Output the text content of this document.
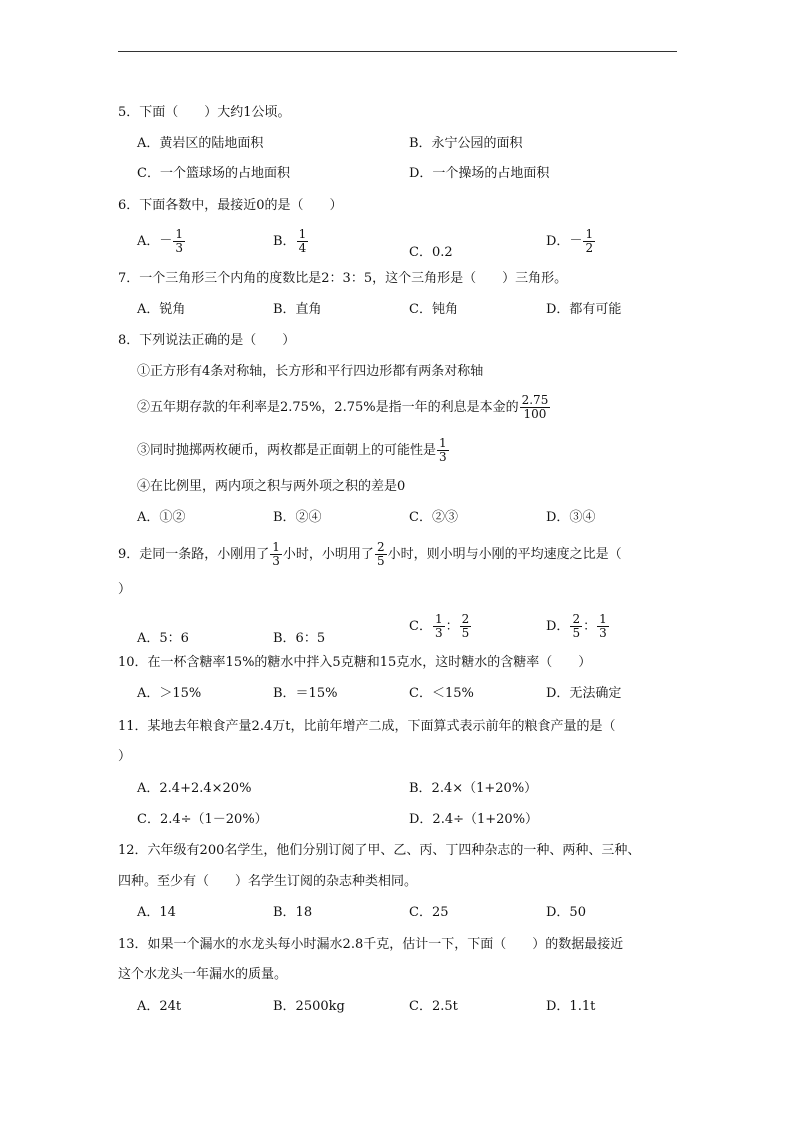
5．下面（　　）大约1公顷。
A．黄岩区的陆地面积	B．永宁公园的面积
C．一个篮球场的占地面积	D．一个操场的占地面积
6．下面各数中，最接近0的是（　　）
A．－ $\frac{1}{3}$	B． $\frac{1}{4}$	C．0.2
D．－ $\frac{1}{2}$
7．一个三角形三个内角的度数比是2：3：5，这个三角形是（　　）三角形。
A．锐角	B．直角	C．钝角	D．都有可能
8．下列说法正确的是（　　）
①正方形有4条对称轴，长方形和平行四边形都有两条对称轴
②五年期存款的年利率是2.75%，2.75%是指一年的利息是本金的 $\frac{2.75}{100}$
③同时抛掷两枚硬币，两枚都是正面朝上的可能性是 $\frac{1}{3}$
④在比例里，两内项之积与两外项之积的差是0
A．①②	B．②④	C．②③	D．③④
9．走同一条路，小刚用了 $\frac{1}{3}$ 小时，小明用了 $\frac{2}{5}$ 小时，则小明与小刚的平均速度之比是（
）
A．5：6	B．6：5
C． $\frac{1}{3}$ ： $\frac{2}{5}$	D． $\frac{2}{5}$ ： $\frac{1}{3}$
10．在一杯含糖率15%的糖水中拌入5克糖和15克水，这时糖水的含糖率（　　）
A．＞15%	B．＝15%	C．＜15%	D．无法确定
11．某地去年粮食产量2.4万t，比前年增产二成，下面算式表示前年的粮食产量的是（
）
A．2.4+2.4×20%	B．2.4×（1+20%）
C．2.4÷（1－20%）	D．2.4÷（1+20%）
12．六年级有200名学生，他们分别订阅了甲、乙、丙、丁四种杂志的一种、两种、三种、
四种。至少有（　　）名学生订阅的杂志种类相同。
A．14	B．18	C．25	D．50
13．如果一个漏水的水龙头每小时漏水2.8千克，估计一下，下面（　　）的数据最接近
这个水龙头一年漏水的质量。
A．24t	B．2500kg	C．2.5t	D．1.1t
